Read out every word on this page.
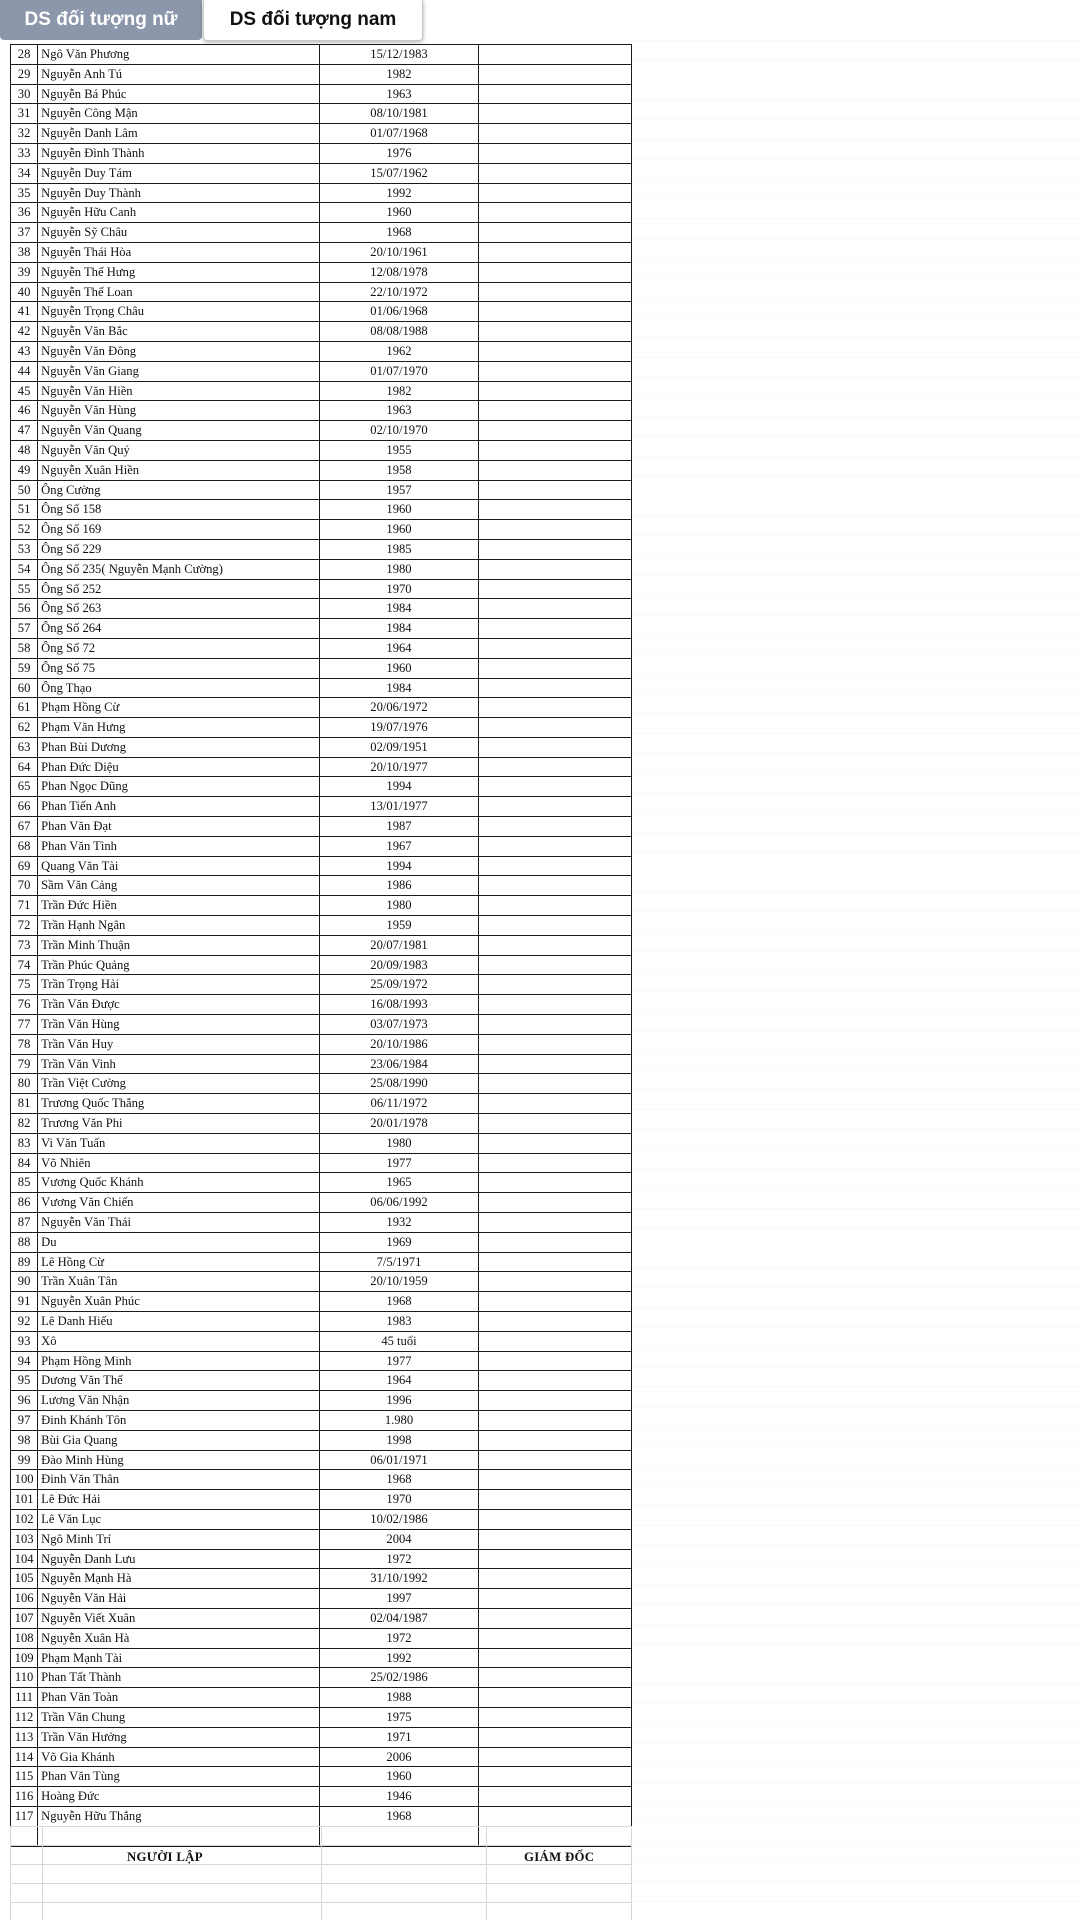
28	Ngô Văn Phương	15/12/1983	
29	Nguyễn Anh Tú	1982	
30	Nguyễn Bá Phúc	1963	
31	Nguyễn Công Mận	08/10/1981	
32	Nguyễn Danh Lâm	01/07/1968	
33	Nguyễn Đình Thành	1976	
34	Nguyễn Duy Tám	15/07/1962	
35	Nguyễn Duy Thành	1992	
36	Nguyễn Hữu Canh	1960	
37	Nguyễn Sỹ Châu	1968	
38	Nguyễn Thái Hòa	20/10/1961	
39	Nguyễn Thế Hưng	12/08/1978	
40	Nguyễn Thế Loan	22/10/1972	
41	Nguyễn Trọng Châu	01/06/1968	
42	Nguyễn Văn Bắc	08/08/1988	
43	Nguyễn Văn Đông	1962	
44	Nguyễn Văn Giang	01/07/1970	
45	Nguyễn Văn Hiền	1982	
46	Nguyễn Văn Hùng	1963	
47	Nguyễn Văn Quang	02/10/1970	
48	Nguyễn Văn Quý	1955	
49	Nguyễn Xuân Hiền	1958	
50	Ông Cường	1957	
51	Ông Số 158	1960	
52	Ông Số 169	1960	
53	Ông Số 229	1985	
54	Ông Số 235( Nguyễn Mạnh Cường)	1980	
55	Ông Số 252	1970	
56	Ông Số 263	1984	
57	Ông Số 264	1984	
58	Ông Số 72	1964	
59	Ông Số 75	1960	
60	Ông Thạo	1984	
61	Phạm Hồng Cừ	20/06/1972	
62	Phạm Văn Hưng	19/07/1976	
63	Phan Bùi Dương	02/09/1951	
64	Phan Đức Diệu	20/10/1977	
65	Phan Ngọc Dũng	1994	
66	Phan Tiến Anh	13/01/1977	
67	Phan Văn Đạt	1987	
68	Phan Văn Tình	1967	
69	Quang Văn Tài	1994	
70	Sầm Văn Cảng	1986	
71	Trần Đức Hiền	1980	
72	Trần Hạnh Ngân	1959	
73	Trần Minh Thuận	20/07/1981	
74	Trần Phúc Quảng	20/09/1983	
75	Trần Trọng Hải	25/09/1972	
76	Trần Văn Được	16/08/1993	
77	Trần Văn Hùng	03/07/1973	
78	Trần Văn Huy	20/10/1986	
79	Trần Văn Vinh	23/06/1984	
80	Trần Việt Cường	25/08/1990	
81	Trương Quốc Thắng	06/11/1972	
82	Trương Văn Phi	20/01/1978	
83	Vi Văn Tuấn	1980	
84	Võ Nhiên	1977	
85	Vương Quốc Khánh	1965	
86	Vương Văn Chiến	06/06/1992	
87	Nguyễn Văn Thái	1932	
88	Du	1969	
89	Lê Hồng Cừ	7/5/1971	
90	Trần Xuân Tân	20/10/1959	
91	Nguyễn Xuân Phúc	1968	
92	Lê Danh Hiếu	1983	
93	Xô	45 tuổi	
94	Phạm Hồng Minh	1977	
95	Dương Văn Thế	1964	
96	Lương Văn Nhận	1996	
97	Đinh Khánh Tôn	1.980	
98	Bùi Gia Quang	1998	
99	Đào Minh Hùng	06/01/1971	
100	Đinh Văn Thân	1968	
101	Lê Đức Hải	1970	
102	Lê Văn Lục	10/02/1986	
103	Ngô Minh Trí	2004	
104	Nguyễn Danh Lưu	1972	
105	Nguyễn Mạnh Hà	31/10/1992	
106	Nguyễn Văn Hải	1997	
107	Nguyễn Viết Xuân	02/04/1987	
108	Nguyễn Xuân Hà	1972	
109	Phạm Mạnh Tài	1992	
110	Phan Tất Thành	25/02/1986	
111	Phan Văn Toàn	1988	
112	Trần Văn Chung	1975	
113	Trần Văn Hưởng	1971	
114	Võ Gia Khánh	2006	
115	Phan Văn Tùng	1960	
116	Hoàng Đức	1946	
117	Nguyễn Hữu Thắng	1968	

NGƯỜI LẬP	GIÁM ĐỐC
DS đối tượng nữ	DS đối tượng nam
